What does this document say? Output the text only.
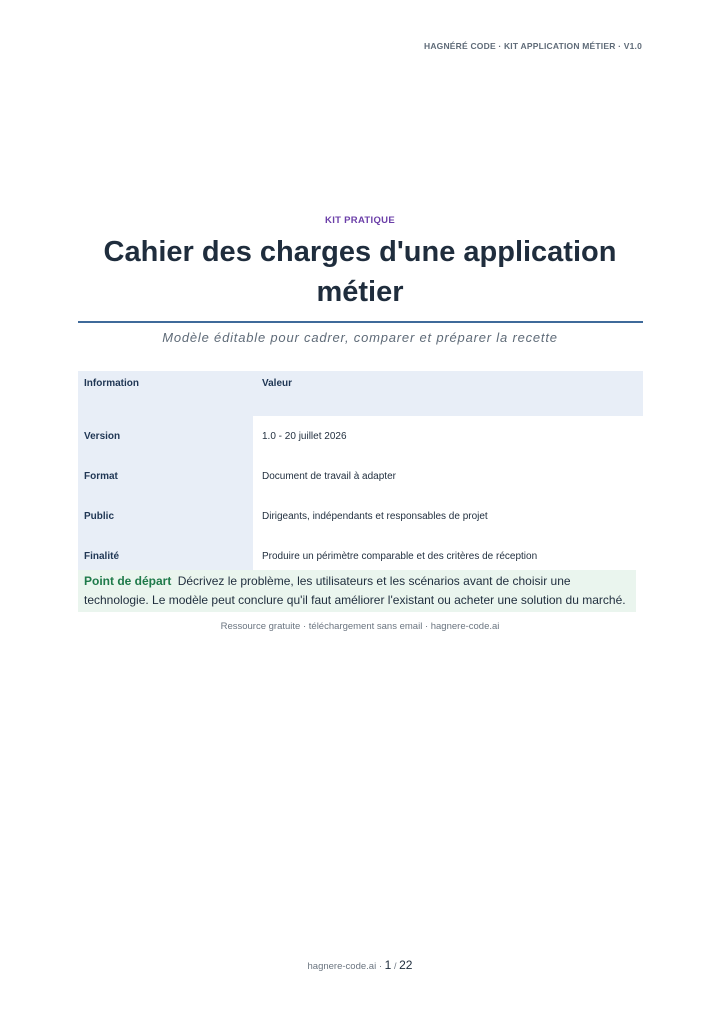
HAGNÉRÉ CODE · KIT APPLICATION MÉTIER · V1.0
KIT PRATIQUE
Cahier des charges d'une application métier
Modèle éditable pour cadrer, comparer et préparer la recette
Information	Valeur
Version	1.0 - 20 juillet 2026
Format	Document de travail à adapter
Public	Dirigeants, indépendants et responsables de projet
Finalité	Produire un périmètre comparable et des critères de réception
Point de départ Décrivez le problème, les utilisateurs et les scénarios avant de choisir une technologie. Le modèle peut conclure qu'il faut améliorer l'existant ou acheter une solution du marché.
Ressource gratuite · téléchargement sans email · hagnere-code.ai
hagnere-code.ai · 1 / 22
